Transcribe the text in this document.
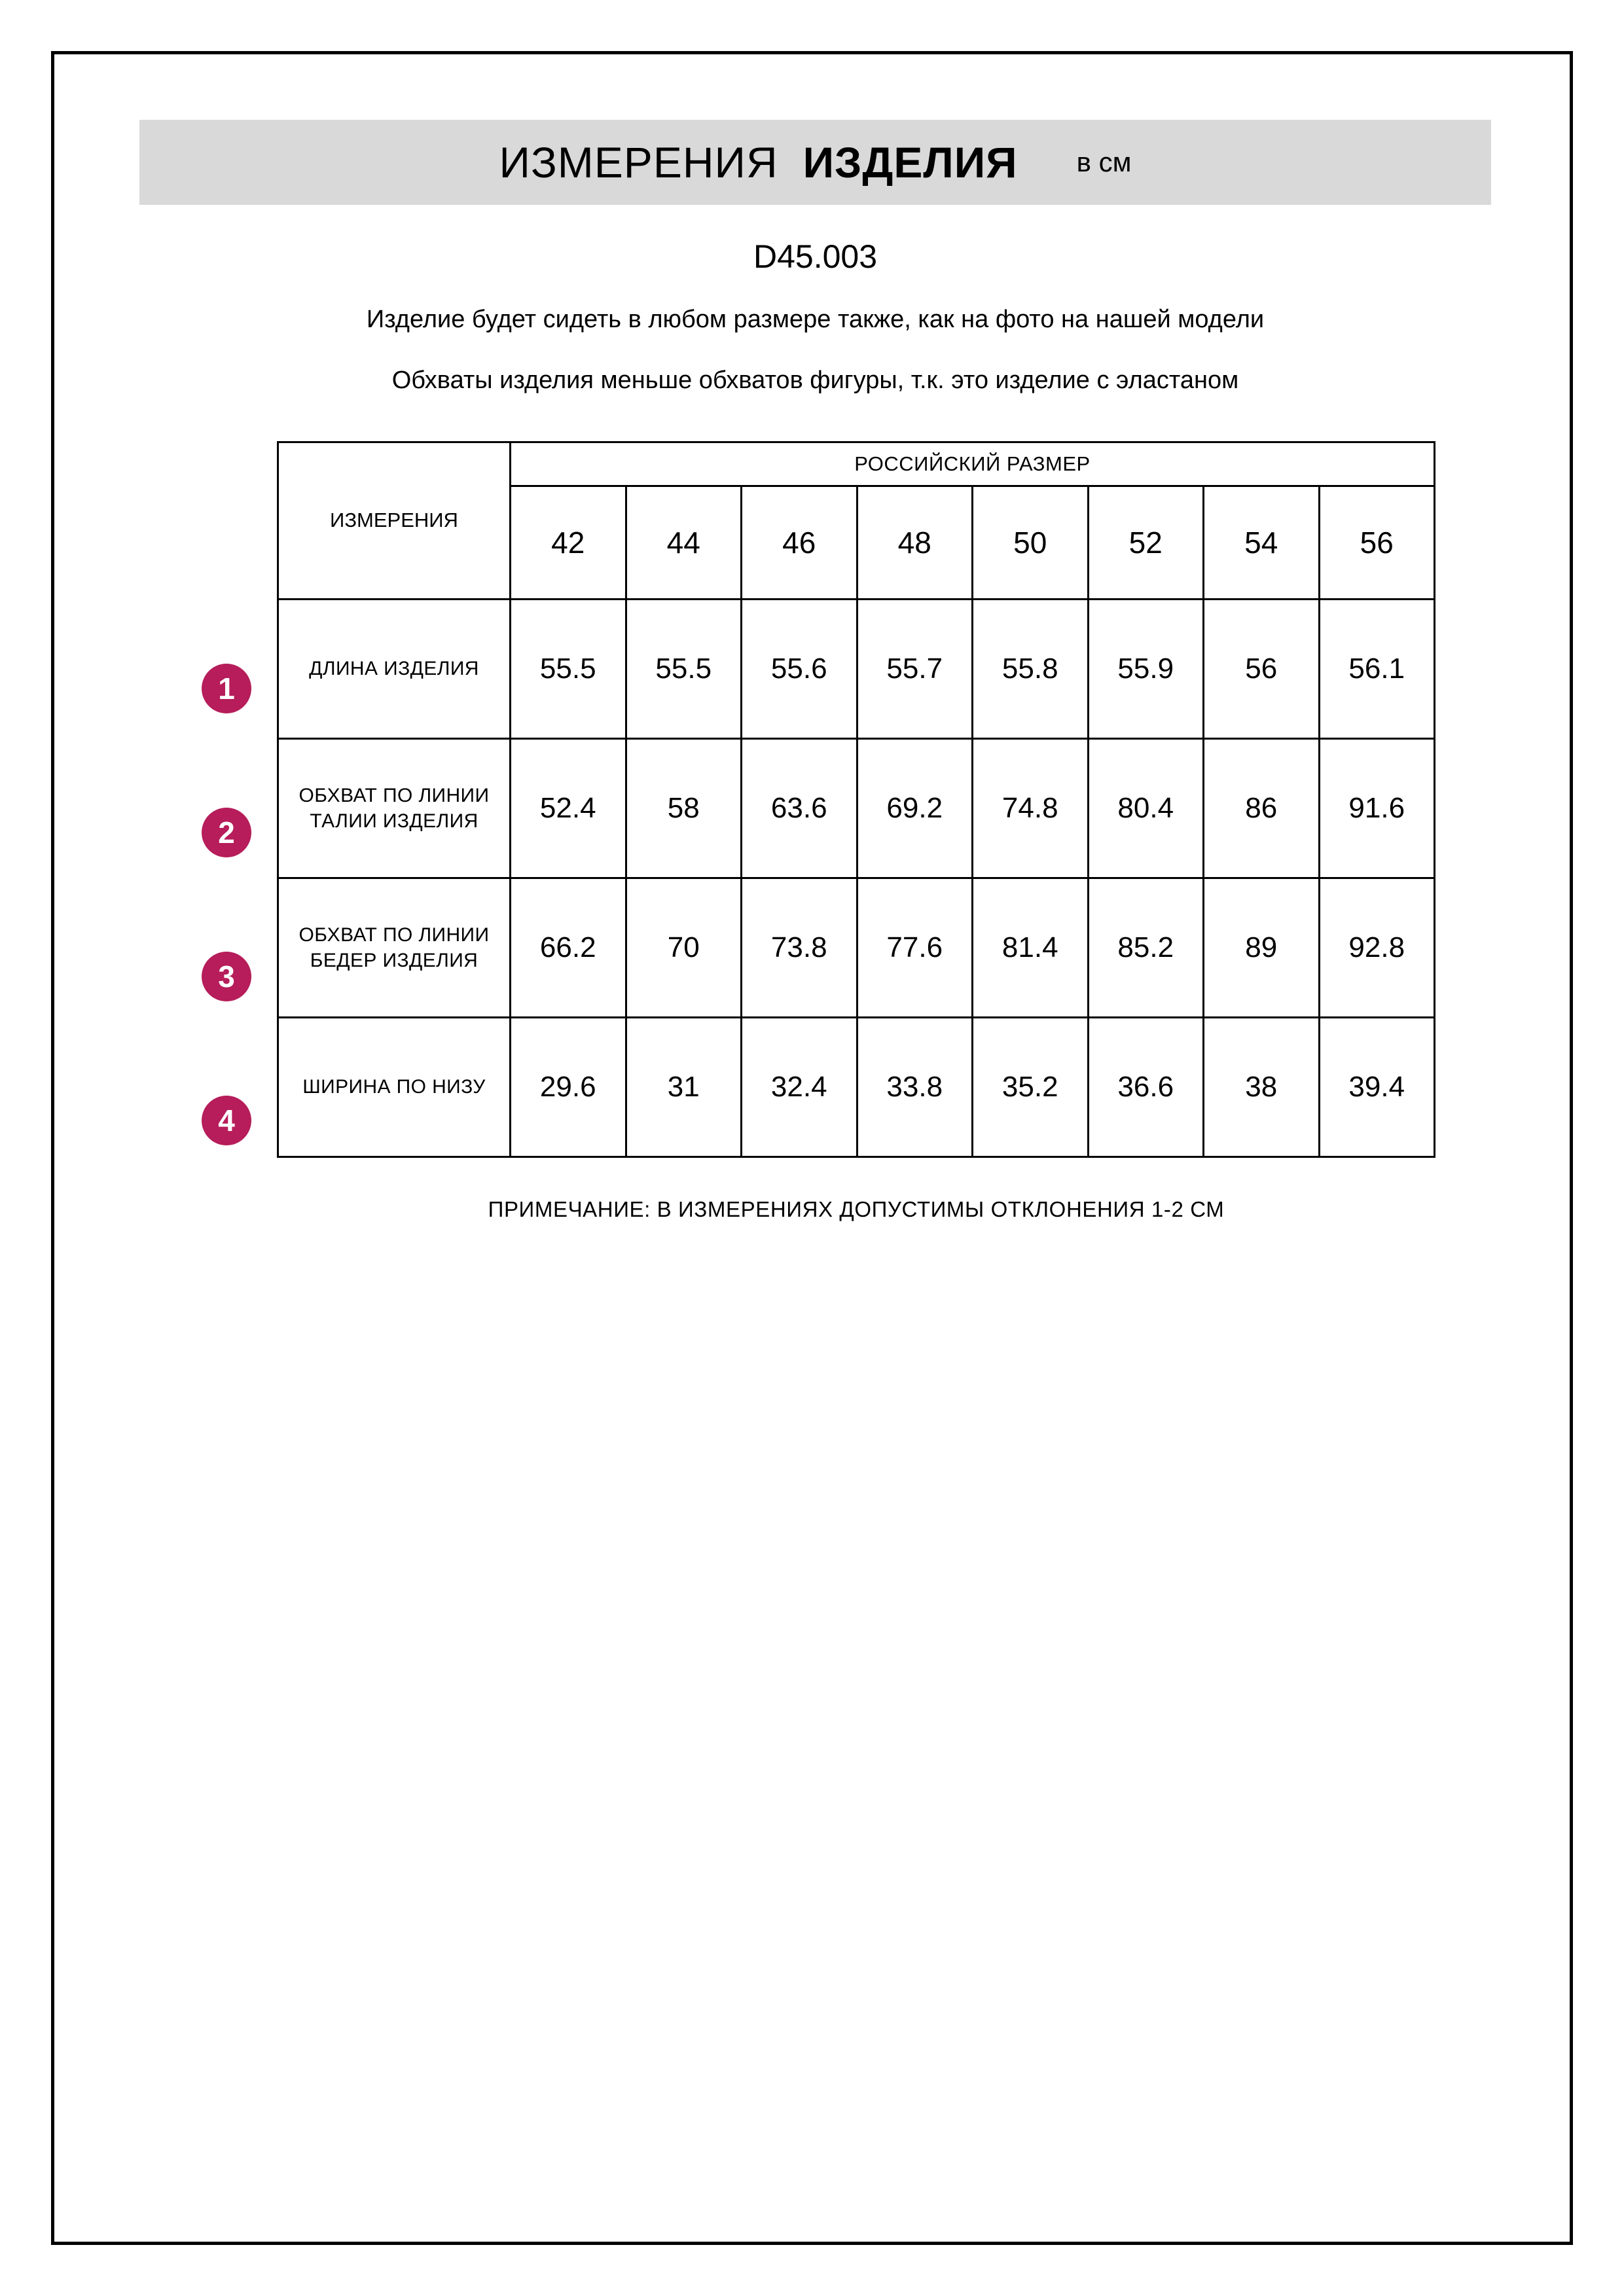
ИЗМЕРЕНИЯ ИЗДЕЛИЯ в см
D45.003
Изделие будет сидеть в любом размере также, как на фото на нашей модели
Обхваты изделия меньше обхватов фигуры, т.к. это изделие с эластаном
1
2
3
4
ИЗМЕРЕНИЯ	РОССИЙСКИЙ РАЗМЕР							
	42	44	46	48	50	52	54	56
ДЛИНА ИЗДЕЛИЯ	55.5	55.5	55.6	55.7	55.8	55.9	56	56.1
ОБХВАТ ПО ЛИНИИ ТАЛИИ ИЗДЕЛИЯ	52.4	58	63.6	69.2	74.8	80.4	86	91.6
ОБХВАТ ПО ЛИНИИ БЕДЕР ИЗДЕЛИЯ	66.2	70	73.8	77.6	81.4	85.2	89	92.8
ШИРИНА ПО НИЗУ	29.6	31	32.4	33.8	35.2	36.6	38	39.4
ПРИМЕЧАНИЕ: В ИЗМЕРЕНИЯХ ДОПУСТИМЫ ОТКЛОНЕНИЯ 1-2 СМ
